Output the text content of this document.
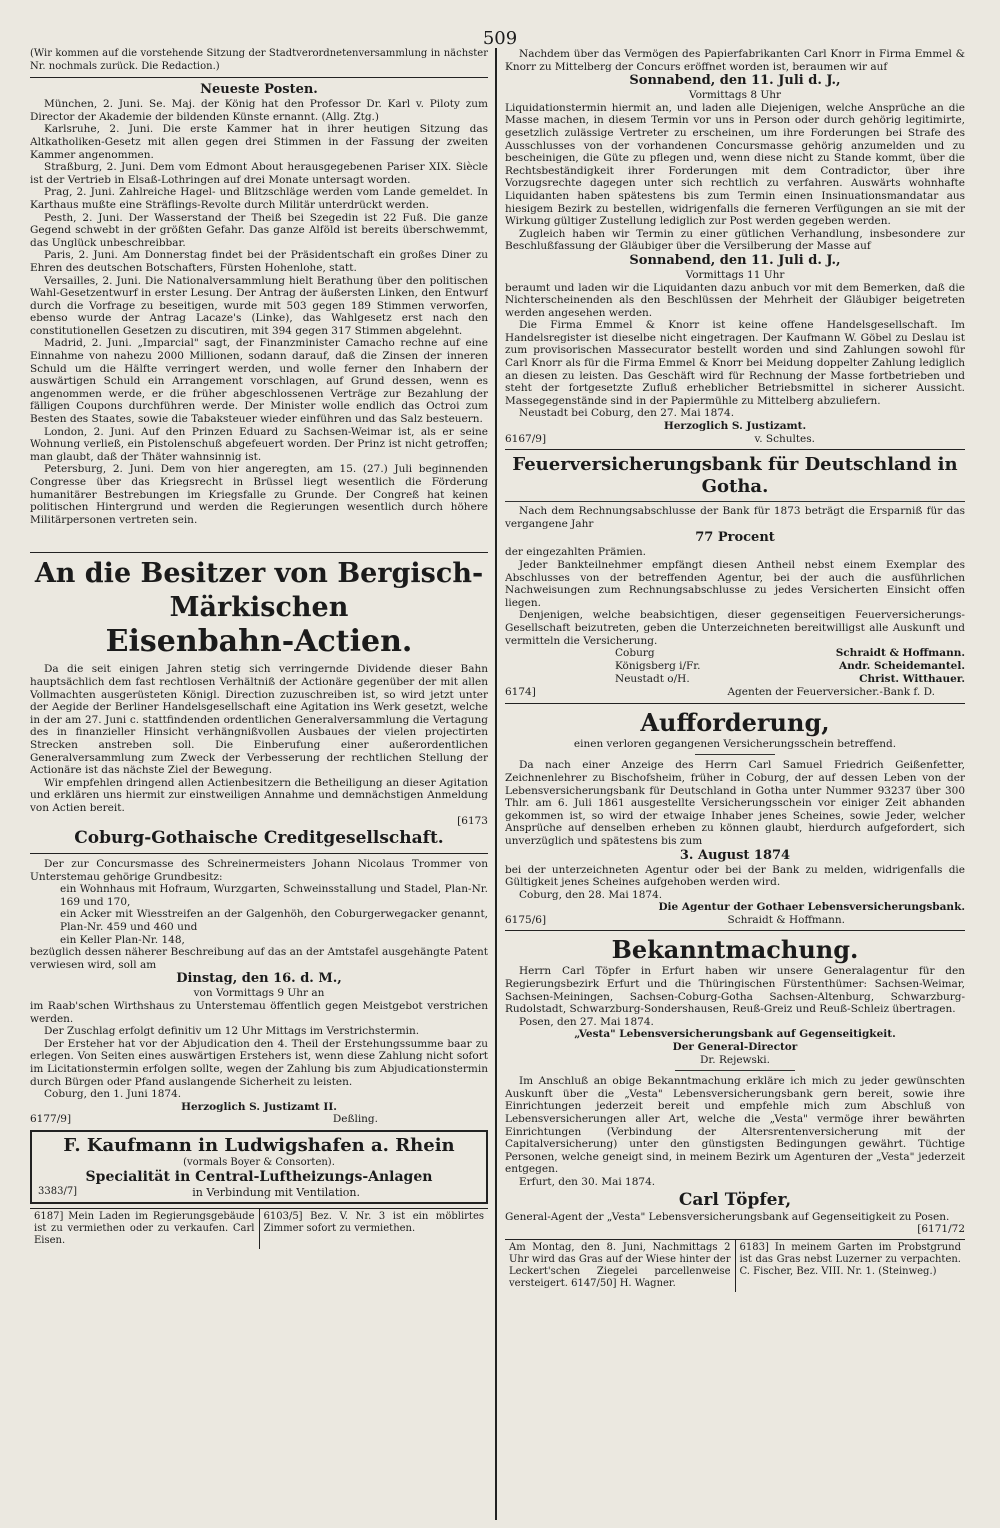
509

(Wir kommen auf die vorstehende Sitzung der Stadtverordnetenversammlung in nächster Nr. nochmals zurück. Die Redaction.)

Neueste Posten.

München, 2. Juni. Se. Maj. der König hat den Professor Dr. Karl v. Piloty zum Director der Akademie der bildenden Künste ernannt. (Allg. Ztg.)

Karlsruhe, 2. Juni. Die erste Kammer hat in ihrer heutigen Sitzung das Altkatholiken-Gesetz mit allen gegen drei Stimmen in der Fassung der zweiten Kammer angenommen.

Straßburg, 2. Juni. Dem vom Edmont About herausgegebenen Pariser XIX. Siècle ist der Vertrieb in Elsaß-Lothringen auf drei Monate untersagt worden.

Prag, 2. Juni. Zahlreiche Hagel- und Blitzschläge werden vom Lande gemeldet. In Karthaus mußte eine Sträflings-Revolte durch Militär unterdrückt werden.

Pesth, 2. Juni. Der Wasserstand der Theiß bei Szegedin ist 22 Fuß. Die ganze Gegend schwebt in der größten Gefahr. Das ganze Alföld ist bereits überschwemmt, das Unglück unbeschreibbar.

Paris, 2. Juni. Am Donnerstag findet bei der Präsidentschaft ein großes Diner zu Ehren des deutschen Botschafters, Fürsten Hohenlohe, statt.

Versailles, 2. Juni. Die Nationalversammlung hielt Berathung über den politischen Wahl-Gesetzentwurf in erster Lesung. Der Antrag der äußersten Linken, den Entwurf durch die Vorfrage zu beseitigen, wurde mit 503 gegen 189 Stimmen verworfen, ebenso wurde der Antrag Lacaze's (Linke), das Wahlgesetz erst nach den constitutionellen Gesetzen zu discutiren, mit 394 gegen 317 Stimmen abgelehnt.

Madrid, 2. Juni. „Imparcial" sagt, der Finanzminister Camacho rechne auf eine Einnahme von nahezu 2000 Millionen, sodann darauf, daß die Zinsen der inneren Schuld um die Hälfte verringert werden, und wolle ferner den Inhabern der auswärtigen Schuld ein Arrangement vorschlagen, auf Grund dessen, wenn es angenommen werde, er die früher abgeschlossenen Verträge zur Bezahlung der fälligen Coupons durchführen werde. Der Minister wolle endlich das Octroi zum Besten des Staates, sowie die Tabaksteuer wieder einführen und das Salz besteuern.

London, 2. Juni. Auf den Prinzen Eduard zu Sachsen-Weimar ist, als er seine Wohnung verließ, ein Pistolenschuß abgefeuert worden. Der Prinz ist nicht getroffen; man glaubt, daß der Thäter wahnsinnig ist.

Petersburg, 2. Juni. Dem von hier angeregten, am 15. (27.) Juli beginnenden Congresse über das Kriegsrecht in Brüssel liegt wesentlich die Förderung humanitärer Bestrebungen im Kriegsfalle zu Grunde. Der Congreß hat keinen politischen Hintergrund und werden die Regierungen wesentlich durch höhere Militärpersonen vertreten sein.

An die Besitzer von Bergisch-Märkischen

Eisenbahn-Actien.

Da die seit einigen Jahren stetig sich verringernde Dividende dieser Bahn hauptsächlich dem fast rechtlosen Verhältniß der Actionäre gegenüber der mit allen Vollmachten ausgerüsteten Königl. Direction zuzuschreiben ist, so wird jetzt unter der Aegide der Berliner Handelsgesellschaft eine Agitation ins Werk gesetzt, welche in der am 27. Juni c. stattfindenden ordentlichen Generalversammlung die Vertagung des in finanzieller Hinsicht verhängnißvollen Ausbaues der vielen projectirten Strecken anstreben soll. Die Einberufung einer außerordentlichen Generalversammlung zum Zweck der Verbesserung der rechtlichen Stellung der Actionäre ist das nächste Ziel der Bewegung.

Wir empfehlen dringend allen Actienbesitzern die Betheiligung an dieser Agitation und erklären uns hiermit zur einstweiligen Annahme und demnächstigen Anmeldung von Actien bereit.

[6173

Coburg-Gothaische Creditgesellschaft.

Der zur Concursmasse des Schreinermeisters Johann Nicolaus Trommer von Unterstemau gehörige Grundbesitz:

ein Wohnhaus mit Hofraum, Wurzgarten, Schweinsstallung und Stadel, Plan-Nr. 169 und 170,

ein Acker mit Wiesstreifen an der Galgenhöh, den Coburgerwegacker genannt, Plan-Nr. 459 und 460 und

ein Keller Plan-Nr. 148,

bezüglich dessen näherer Beschreibung auf das an der Amtstafel ausgehängte Patent verwiesen wird, soll am

Dinstag, den 16. d. M.,

von Vormittags 9 Uhr an

im Raab'schen Wirthshaus zu Unterstemau öffentlich gegen Meistgebot verstrichen werden.

Der Zuschlag erfolgt definitiv um 12 Uhr Mittags im Verstrichstermin.

Der Ersteher hat vor der Abjudication den 4. Theil der Erstehungssumme baar zu erlegen. Von Seiten eines auswärtigen Erstehers ist, wenn diese Zahlung nicht sofort im Licitationstermin erfolgen sollte, wegen der Zahlung bis zum Abjudicationstermin durch Bürgen oder Pfand auslangende Sicherheit zu leisten.

Coburg, den 1. Juni 1874.

Herzoglich S. Justizamt II.

6177/9]	Deßling.

F. Kaufmann in Ludwigshafen a. Rhein

(vormals Boyer & Consorten).

Specialität in Central-Luftheizungs-Anlagen

3383/7]	in Verbindung mit Ventilation.
6187] Mein Laden im Regierungsgebäude ist zu vermiethen oder zu verkaufen. Carl Eisen.
6103/5] Bez. V. Nr. 3 ist ein möblirtes Zimmer sofort zu vermiethen.

Nachdem über das Vermögen des Papierfabrikanten Carl Knorr in Firma Emmel & Knorr zu Mittelberg der Concurs eröffnet worden ist, beraumen wir auf

Sonnabend, den 11. Juli d. J.,

Vormittags 8 Uhr

Liquidationstermin hiermit an, und laden alle Diejenigen, welche Ansprüche an die Masse machen, in diesem Termin vor uns in Person oder durch gehörig legitimirte, gesetzlich zulässige Vertreter zu erscheinen, um ihre Forderungen bei Strafe des Ausschlusses von der vorhandenen Concursmasse gehörig anzumelden und zu bescheinigen, die Güte zu pflegen und, wenn diese nicht zu Stande kommt, über die Rechtsbeständigkeit ihrer Forderungen mit dem Contradictor, über ihre Vorzugsrechte dagegen unter sich rechtlich zu verfahren. Auswärts wohnhafte Liquidanten haben spätestens bis zum Termin einen Insinuationsmandatar aus hiesigem Bezirk zu bestellen, widrigenfalls die ferneren Verfügungen an sie mit der Wirkung gültiger Zustellung lediglich zur Post werden gegeben werden.

Zugleich haben wir Termin zu einer gütlichen Verhandlung, insbesondere zur Beschlußfassung der Gläubiger über die Versilberung der Masse auf

Sonnabend, den 11. Juli d. J.,

Vormittags 11 Uhr

beraumt und laden wir die Liquidanten dazu anbuch vor mit dem Bemerken, daß die Nichterscheinenden als den Beschlüssen der Mehrheit der Gläubiger beigetreten werden angesehen werden.

Die Firma Emmel & Knorr ist keine offene Handelsgesellschaft. Im Handelsregister ist dieselbe nicht eingetragen. Der Kaufmann W. Göbel zu Deslau ist zum provisorischen Massecurator bestellt worden und sind Zahlungen sowohl für Carl Knorr als für die Firma Emmel & Knorr bei Meidung doppelter Zahlung lediglich an diesen zu leisten. Das Geschäft wird für Rechnung der Masse fortbetrieben und steht der fortgesetzte Zufluß erheblicher Betriebsmittel in sicherer Aussicht. Massegegenstände sind in der Papiermühle zu Mittelberg abzuliefern.

Neustadt bei Coburg, den 27. Mai 1874.

Herzoglich S. Justizamt.

6167/9]	v. Schultes.

Feuerversicherungsbank für Deutschland in Gotha.

Nach dem Rechnungsabschlusse der Bank für 1873 beträgt die Ersparniß für das vergangene Jahr

77 Procent

der eingezahlten Prämien.

Jeder Bankteilnehmer empfängt diesen Antheil nebst einem Exemplar des Abschlusses von der betreffenden Agentur, bei der auch die ausführlichen Nachweisungen zum Rechnungsabschlusse zu jedes Versicherten Einsicht offen liegen.

Denjenigen, welche beabsichtigen, dieser gegenseitigen Feuerversicherungs-Gesellschaft beizutreten, geben die Unterzeichneten bereitwilligst alle Auskunft und vermitteln die Versicherung.

Coburg	Schraidt & Hoffmann.
Königsberg i/Fr.	Andr. Scheidemantel.
Neustadt o/H.	Christ. Witthauer.
6174]	Agenten der Feuerversicher.-Bank f. D.

Aufforderung,

einen verloren gegangenen Versicherungsschein betreffend.

Da nach einer Anzeige des Herrn Carl Samuel Friedrich Geißenfetter, Zeichnenlehrer zu Bischofsheim, früher in Coburg, der auf dessen Leben von der Lebensversicherungsbank für Deutschland in Gotha unter Nummer 93237 über 300 Thlr. am 6. Juli 1861 ausgestellte Versicherungsschein vor einiger Zeit abhanden gekommen ist, so wird der etwaige Inhaber jenes Scheines, sowie Jeder, welcher Ansprüche auf denselben erheben zu können glaubt, hierdurch aufgefordert, sich unverzüglich und spätestens bis zum

3. August 1874

bei der unterzeichneten Agentur oder bei der Bank zu melden, widrigenfalls die Gültigkeit jenes Scheines aufgehoben werden wird.

Coburg, den 28. Mai 1874.

Die Agentur der Gothaer Lebensversicherungsbank.

6175/6]	Schraidt & Hoffmann.

Bekanntmachung.

Herrn Carl Töpfer in Erfurt haben wir unsere Generalagentur für den Regierungsbezirk Erfurt und die Thüringischen Fürstenthümer: Sachsen-Weimar, Sachsen-Meiningen, Sachsen-Coburg-Gotha Sachsen-Altenburg, Schwarzburg-Rudolstadt, Schwarzburg-Sondershausen, Reuß-Greiz und Reuß-Schleiz übertragen.

Posen, den 27. Mai 1874.

„Vesta" Lebensversicherungsbank auf Gegenseitigkeit.

Der General-Director

Dr. Rejewski.

Im Anschluß an obige Bekanntmachung erkläre ich mich zu jeder gewünschten Auskunft über die „Vesta" Lebensversicherungsbank gern bereit, sowie ihre Einrichtungen jederzeit bereit und empfehle mich zum Abschluß von Lebensversicherungen aller Art, welche die „Vesta" vermöge ihrer bewährten Einrichtungen (Verbindung der Altersrentenversicherung mit der Capitalversicherung) unter den günstigsten Bedingungen gewährt. Tüchtige Personen, welche geneigt sind, in meinem Bezirk um Agenturen der „Vesta" jederzeit entgegen.

Erfurt, den 30. Mai 1874.

Carl Töpfer,

General-Agent der „Vesta" Lebensversicherungsbank auf Gegenseitigkeit zu Posen.

[6171/72

Am Montag, den 8. Juni, Nachmittags 2 Uhr wird das Gras auf der Wiese hinter der Leckert'schen Ziegelei parcellenweise versteigert. 6147/50] H. Wagner.
6183] In meinem Garten im Probstgrund ist das Gras nebst Luzerner zu verpachten. C. Fischer, Bez. VIII. Nr. 1. (Steinweg.)
